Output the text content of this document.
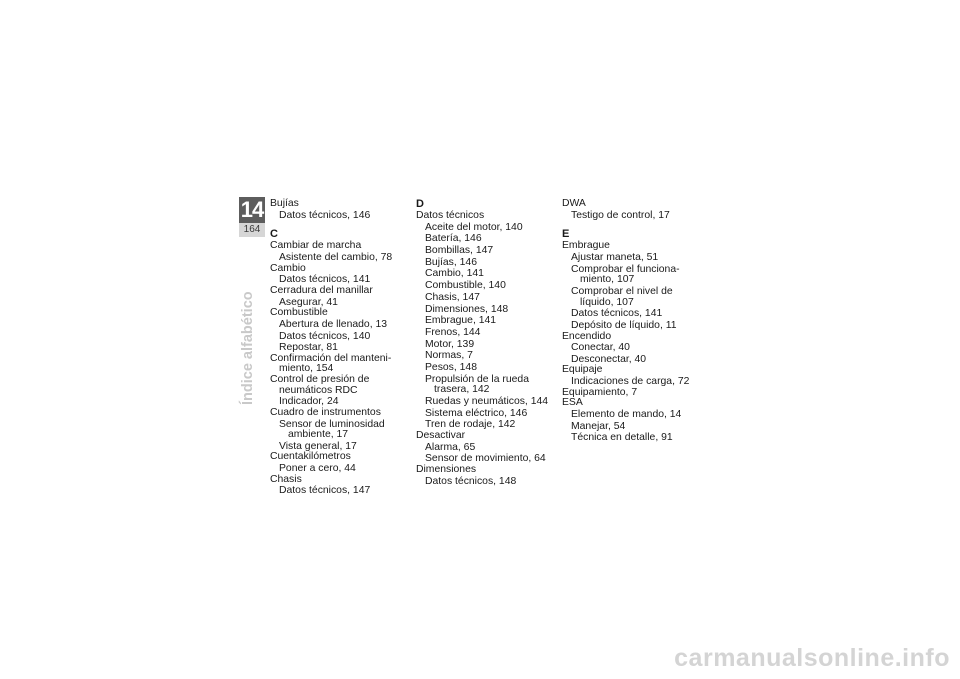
14
164
Índice alfabético
Bujías
Datos técnicos, 146
C
Cambiar de marcha
Asistente del cambio, 78
Cambio
Datos técnicos, 141
Cerradura del manillar
Asegurar, 41
Combustible
Abertura de llenado, 13
Datos técnicos, 140
Repostar, 81
Confirmación del manteni-
miento, 154
Control de presión de
neumáticos RDC
Indicador, 24
Cuadro de instrumentos
Sensor de luminosidad
ambiente, 17
Vista general, 17
Cuentakilómetros
Poner a cero, 44
Chasis
Datos técnicos, 147
D
Datos técnicos
Aceite del motor, 140
Batería, 146
Bombillas, 147
Bujías, 146
Cambio, 141
Combustible, 140
Chasis, 147
Dimensiones, 148
Embrague, 141
Frenos, 144
Motor, 139
Normas, 7
Pesos, 148
Propulsión de la rueda
trasera, 142
Ruedas y neumáticos, 144
Sistema eléctrico, 146
Tren de rodaje, 142
Desactivar
Alarma, 65
Sensor de movimiento, 64
Dimensiones
Datos técnicos, 148
DWA
Testigo de control, 17
E
Embrague
Ajustar maneta, 51
Comprobar el funciona-
miento, 107
Comprobar el nivel de
líquido, 107
Datos técnicos, 141
Depósito de líquido, 11
Encendido
Conectar, 40
Desconectar, 40
Equipaje
Indicaciones de carga, 72
Equipamiento, 7
ESA
Elemento de mando, 14
Manejar, 54
Técnica en detalle, 91
carmanualsonline.info
